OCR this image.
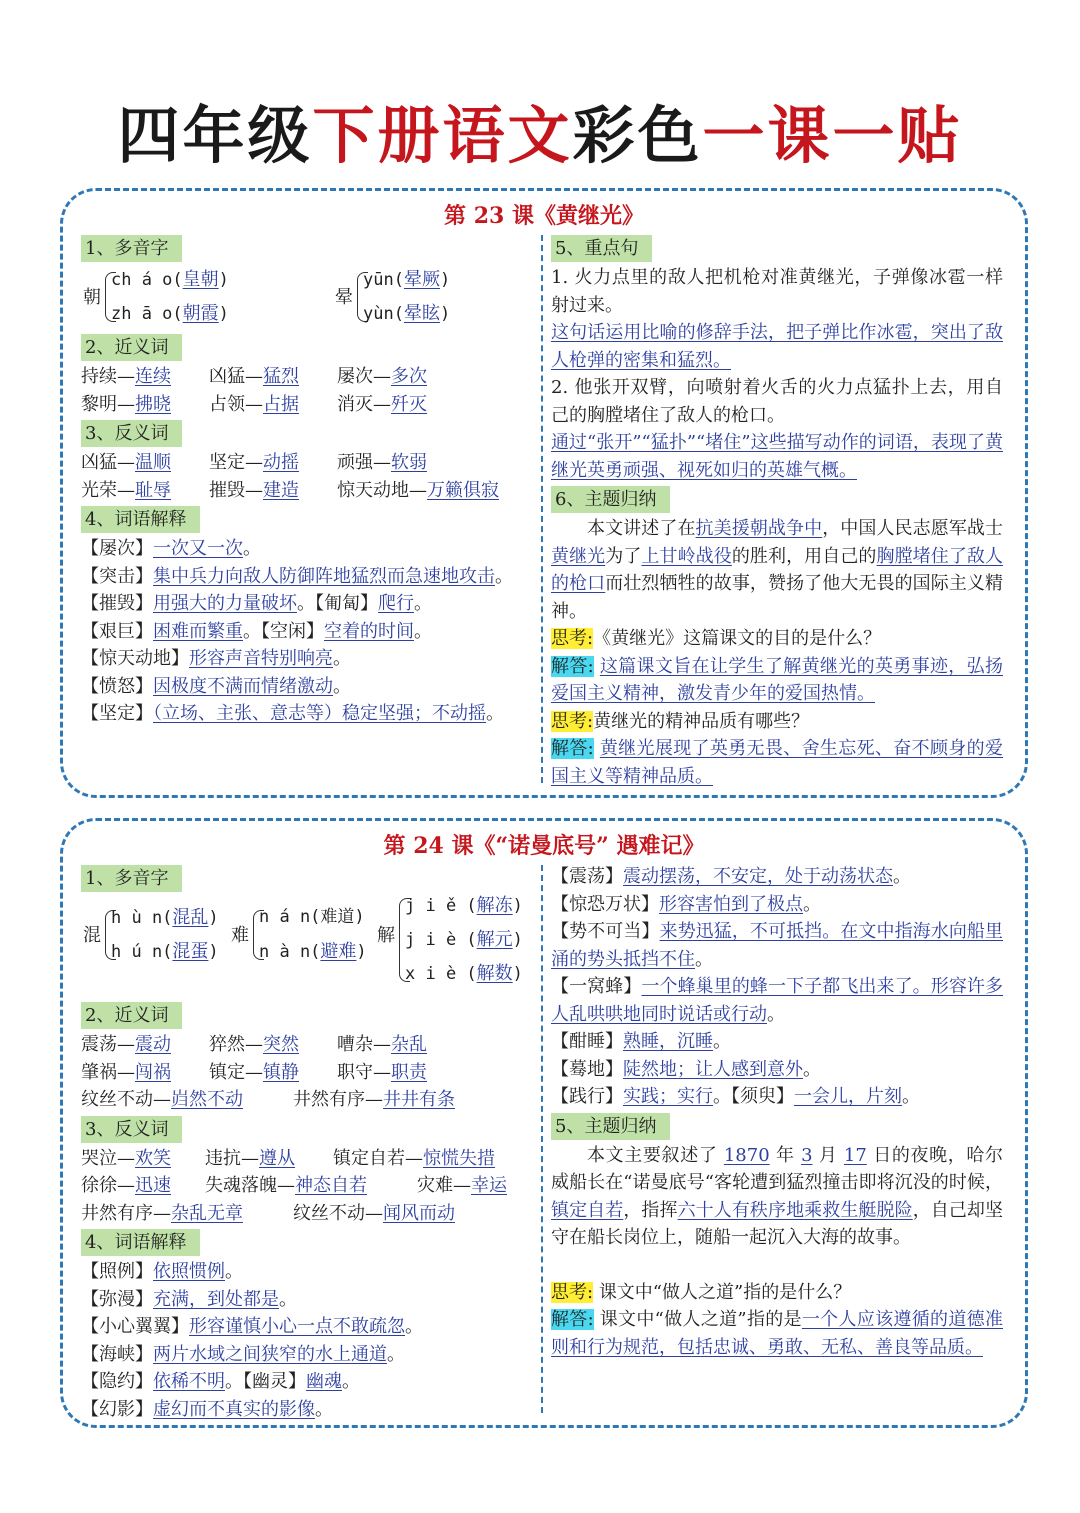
四年级下册语文彩色一课一贴
第 23 课《黄继光》
1、多音字
朝
ch á o(皇朝)
zh ā o(朝霞)
晕
yūn(晕厥)
yùn(晕眩)
2、近义词
持续—连续 凶猛—猛烈 屡次—多次
黎明—拂晓 占领—占据 消灭—歼灭
3、反义词
凶猛—温顺 坚定—动摇 顽强—软弱
光荣—耻辱 摧毁—建造 惊天动地—万籁俱寂
4、词语解释
【屡次】一次又一次。
【突击】集中兵力向敌人防御阵地猛烈而急速地攻击。
【摧毁】用强大的力量破坏。【匍匐】爬行。
【艰巨】困难而繁重。【空闲】空着的时间。
【惊天动地】形容声音特别响亮。
【愤怒】因极度不满而情绪激动。
【坚定】（立场、主张、意志等）稳定坚强；不动摇。
5、重点句
1. 火力点里的敌人把机枪对准黄继光，子弹像冰雹一样射过来。
这句话运用比喻的修辞手法，把子弹比作冰雹，突出了敌人枪弹的密集和猛烈。
2. 他张开双臂，向喷射着火舌的火力点猛扑上去，用自己的胸膛堵住了敌人的枪口。
通过“张开”“猛扑”“堵住”这些描写动作的词语，表现了黄继光英勇顽强、视死如归的英雄气概。
6、主题归纳
本文讲述了在抗美援朝战争中，中国人民志愿军战士黄继光为了上甘岭战役的胜利，用自己的胸膛堵住了敌人的枪口而壮烈牺牲的故事，赞扬了他大无畏的国际主义精神。
思考:《黄继光》这篇课文的目的是什么？
解答: 这篇课文旨在让学生了解黄继光的英勇事迹，弘扬爱国主义精神，激发青少年的爱国热情。
思考:黄继光的精神品质有哪些？
解答: 黄继光展现了英勇无畏、舍生忘死、奋不顾身的爱国主义等精神品质。
第 24 课《“诺曼底号” 遇难记》
1、多音字
混
h ù n(混乱)
h ú n(混蛋)
难
n á n(难道)
n à n(避难)
解
j i ě (解冻)
j i è (解元)
x i è (解数)
2、近义词
震荡—震动 猝然—突然 嘈杂—杂乱
肇祸—闯祸 镇定—镇静 职守—职责
纹丝不动—岿然不动	井然有序—井井有条
3、反义词
哭泣—欢笑 违抗—遵从 镇定自若—惊慌失措
徐徐—迅速 失魂落魄—神态自若	灾难—幸运
井然有序—杂乱无章	纹丝不动—闻风而动
4、词语解释
【照例】依照惯例。
【弥漫】充满，到处都是。
【小心翼翼】形容谨慎小心一点不敢疏忽。
【海峡】两片水域之间狭窄的水上通道。
【隐约】依稀不明。【幽灵】幽魂。
【幻影】虚幻而不真实的影像。
【震荡】震动摆荡，不安定，处于动荡状态。
【惊恐万状】形容害怕到了极点。
【势不可当】来势迅猛，不可抵挡。在文中指海水向船里涌的势头抵挡不住。
【一窝蜂】一个蜂巢里的蜂一下子都飞出来了。形容许多人乱哄哄地同时说话或行动。
【酣睡】熟睡，沉睡。
【蓦地】陡然地；让人感到意外。
【践行】实践；实行。【须臾】一会儿，片刻。
5、主题归纳
本文主要叙述了 1870 年 3 月 17 日的夜晚，哈尔威船长在“诺曼底号“客轮遭到猛烈撞击即将沉没的时候，镇定自若，指挥六十人有秩序地乘救生艇脱险，自己却坚守在船长岗位上，随船一起沉入大海的故事。
思考: 课文中“做人之道”指的是什么？
解答: 课文中“做人之道”指的是一个人应该遵循的道德准则和行为规范，包括忠诚、勇敢、无私、善良等品质。
